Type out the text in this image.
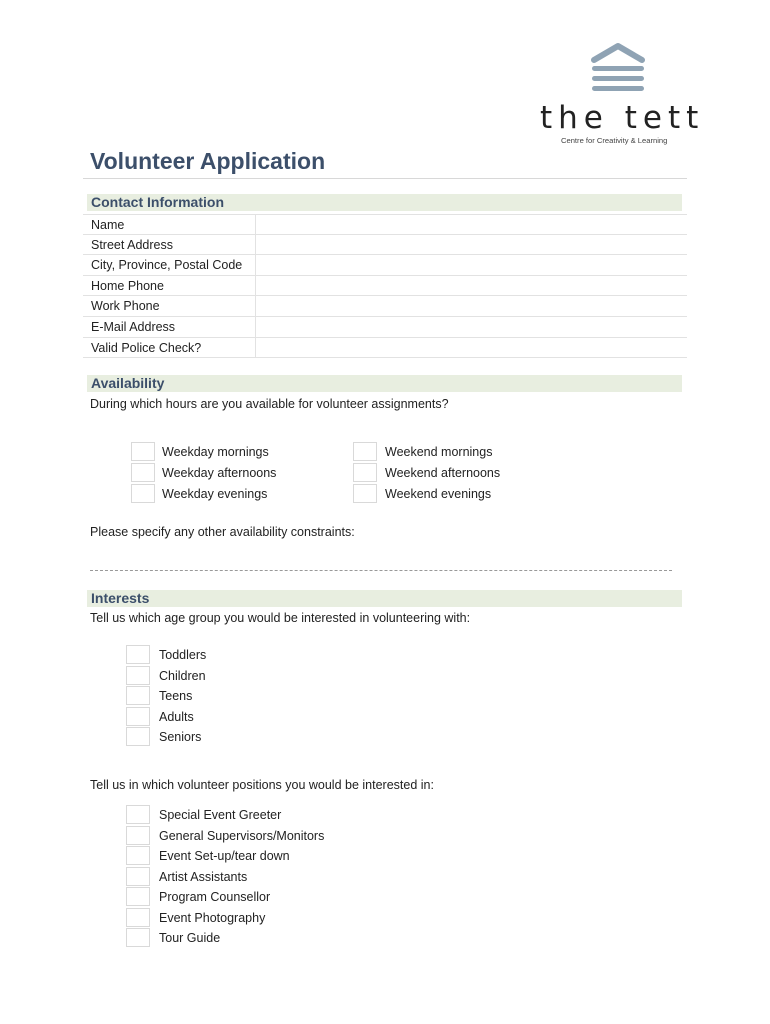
the tett
Centre for Creativity & Learning
Volunteer Application
Contact Information
Name
Street Address
City, Province, Postal Code
Home Phone
Work Phone
E-Mail Address
Valid Police Check?
Availability
During which hours are you available for volunteer assignments?
Weekday mornings
Weekday afternoons
Weekday evenings
Weekend mornings
Weekend afternoons
Weekend evenings
Please specify any other availability constraints:
Interests
Tell us which age group you would be interested in volunteering with:
Toddlers
Children
Teens
Adults
Seniors
Tell us in which volunteer positions you would be interested in:
Special Event Greeter
General Supervisors/Monitors
Event Set-up/tear down
Artist Assistants
Program Counsellor
Event Photography
Tour Guide
